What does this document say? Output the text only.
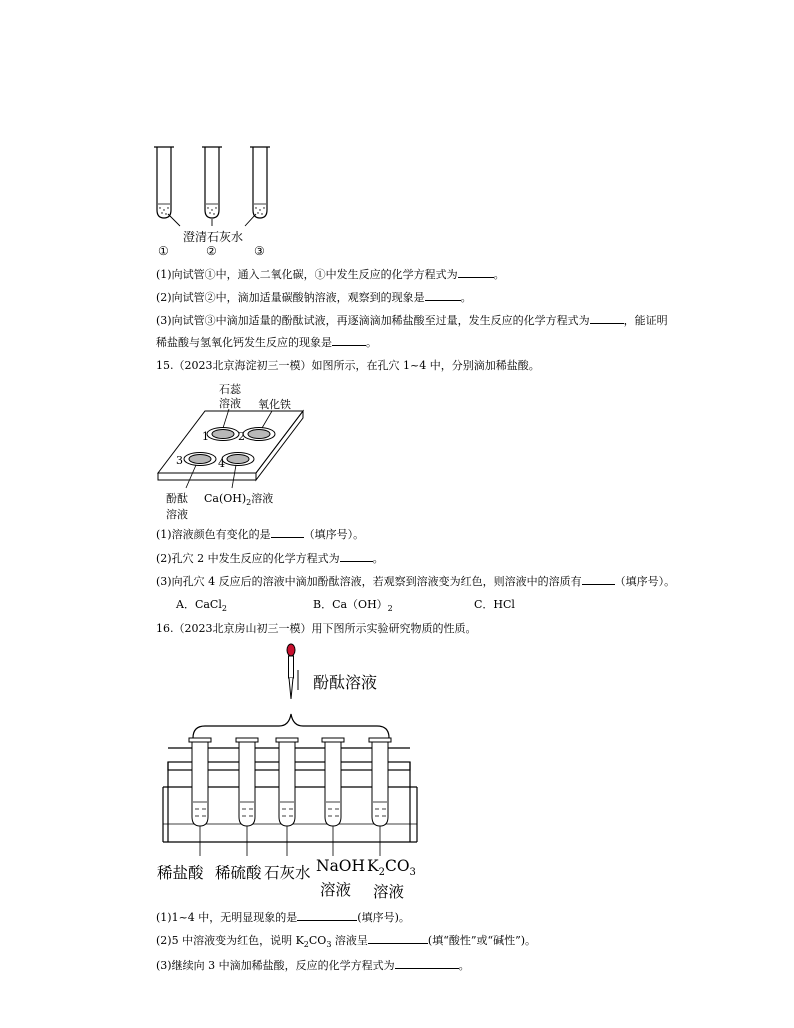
澄清石灰水
①	②	③
(1)向试管①中，通入二氧化碳，①中发生反应的化学方程式为	。
(2)向试管②中，滴加适量碳酸钠溶液，观察到的现象是	。
(3)向试管③中滴加适量的酚酞试液，再逐滴滴加稀盐酸至过量，发生反应的化学方程式为	，能证明
稀盐酸与氢氧化钙发生反应的现象是	。
15.（2023北京海淀初三一模）如图所示，在孔穴 1~4 中，分别滴加稀盐酸。
石蕊
溶液 氧化铁
1	2
3	4
酚酞
溶液
$Ca(OH)_2$溶液
(1)溶液颜色有变化的是	（填序号）。
(2)孔穴 2 中发生反应的化学方程式为	。
(3)向孔穴 4 反应后的溶液中滴加酚酞溶液，若观察到溶液变为红色，则溶液中的溶质有	（填序号）。
A．CaCl$_2$	B．$Ca(OH)_2$	C．HCl
16.（2023北京房山初三一模）用下图所示实验研究物质的性质。
酚酞溶液
稀盐酸 稀硫酸 石灰水 NaOH
溶液
$K_2CO_3$
溶液
(1)1~4 中，无明显现象的是	(填序号)。
(2)5 中溶液变为红色，说明 $K_2CO_3$ 溶液呈	(填“酸性”或“碱性”)。
(3)继续向 3 中滴加稀盐酸，反应的化学方程式为	。
